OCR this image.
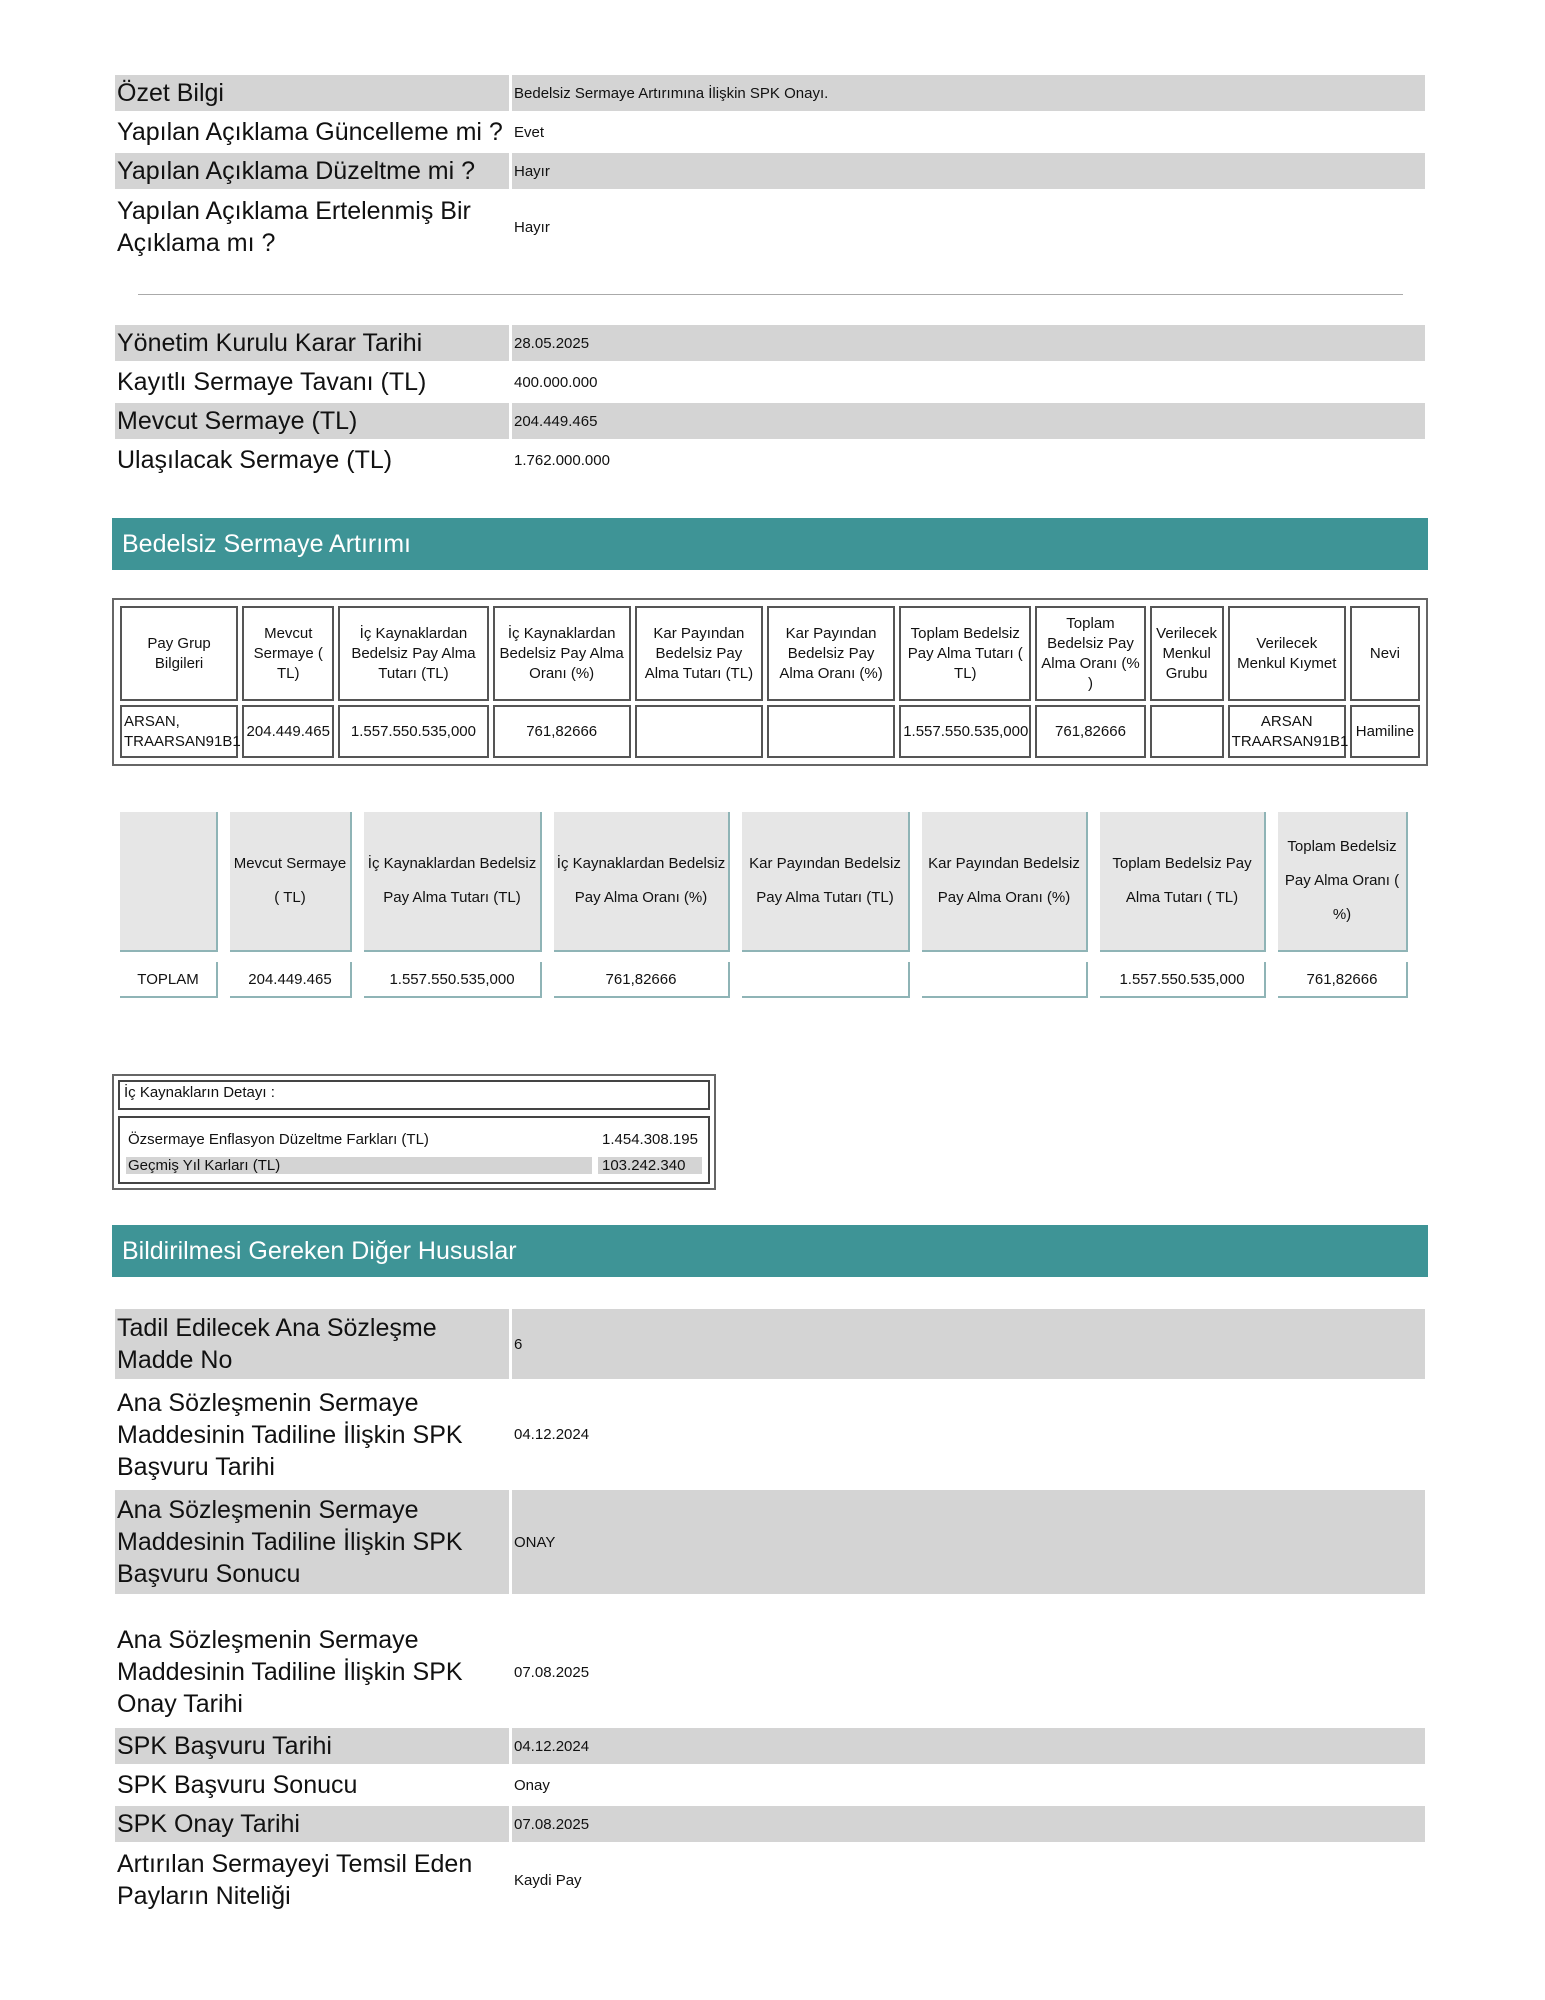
Özet Bilgi	Bedelsiz Sermaye Artırımına İlişkin SPK Onayı.
Yapılan Açıklama Güncelleme mi ?	Evet
Yapılan Açıklama Düzeltme mi ?	Hayır
Yapılan Açıklama Ertelenmiş Bir Açıklama mı ?	Hayır
Yönetim Kurulu Karar Tarihi	28.05.2025
Kayıtlı Sermaye Tavanı (TL)	400.000.000
Mevcut Sermaye (TL)	204.449.465
Ulaşılacak Sermaye (TL)	1.762.000.000
Bedelsiz Sermaye Artırımı
Pay Grup Bilgileri	Mevcut Sermaye ( TL)	İç Kaynaklardan Bedelsiz Pay Alma Tutarı (TL)	İç Kaynaklardan Bedelsiz Pay Alma Oranı (%)	Kar Payından Bedelsiz Pay Alma Tutarı (TL)	Kar Payından Bedelsiz Pay Alma Oranı (%)	Toplam Bedelsiz Pay Alma Tutarı ( TL)	Toplam Bedelsiz Pay Alma Oranı (% )	Verilecek Menkul Grubu	Verilecek Menkul Kıymet	Nevi
ARSAN, TRAARSAN91B1	204.449.465	1.557.550.535,000	761,82666			1.557.550.535,000	761,82666		ARSAN TRAARSAN91B1	Hamiline
	Mevcut Sermaye ( TL)	İç Kaynaklardan Bedelsiz Pay Alma Tutarı (TL)	İç Kaynaklardan Bedelsiz Pay Alma Oranı (%)	Kar Payından Bedelsiz Pay Alma Tutarı (TL)	Kar Payından Bedelsiz Pay Alma Oranı (%)	Toplam Bedelsiz Pay Alma Tutarı ( TL)	Toplam Bedelsiz Pay Alma Oranı ( %)
TOPLAM	204.449.465	1.557.550.535,000	761,82666			1.557.550.535,000	761,82666
İç Kaynakların Detayı :
Özsermaye Enflasyon Düzeltme Farkları (TL)	1.454.308.195
Geçmiş Yıl Karları (TL)	103.242.340
Bildirilmesi Gereken Diğer Hususlar
Tadil Edilecek Ana Sözleşme Madde No	6
Ana Sözleşmenin Sermaye Maddesinin Tadiline İlişkin SPK Başvuru Tarihi	04.12.2024
Ana Sözleşmenin Sermaye Maddesinin Tadiline İlişkin SPK Başvuru Sonucu	ONAY
Ana Sözleşmenin Sermaye Maddesinin Tadiline İlişkin SPK Onay Tarihi	07.08.2025
SPK Başvuru Tarihi	04.12.2024
SPK Başvuru Sonucu	Onay
SPK Onay Tarihi	07.08.2025
Artırılan Sermayeyi Temsil Eden Payların Niteliği	Kaydi Pay
